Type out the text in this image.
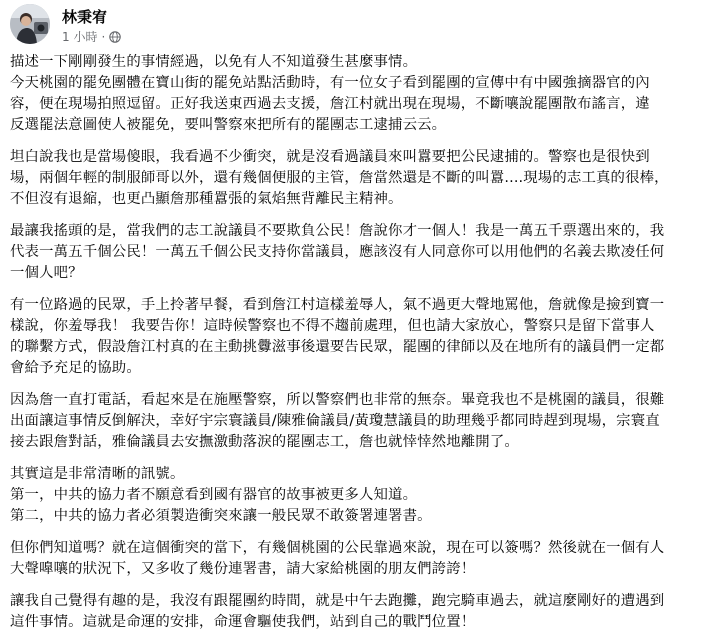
林秉宥
1 小時 ·

描述一下剛剛發生的事情經過，以免有人不知道發生甚麼事情。
今天桃園的罷免團體在寶山街的罷免站點活動時，有一位女子看到罷團的宣傳中有中國強摘器官的內
容，便在現場拍照逗留。正好我送東西過去支援，詹江村就出現在現場，不斷嚷說罷團散布謠言，違
反選罷法意圖使人被罷免，要叫警察來把所有的罷團志工逮捕云云。

坦白說我也是當場傻眼，我看過不少衝突，就是沒看過議員來叫囂要把公民逮捕的。警察也是很快到
場，兩個年輕的制服師哥以外，還有幾個便服的主管，詹當然還是不斷的叫囂....現場的志工真的很棒，
不但沒有退縮，也更凸顯詹那種囂張的氣焰無背離民主精神。

最讓我搖頭的是，當我們的志工說議員不要欺負公民！詹說你才一個人！我是一萬五千票選出來的，我
代表一萬五千個公民！一萬五千個公民支持你當議員，應該沒有人同意你可以用他們的名義去欺凌任何
一個人吧？

有一位路過的民眾，手上拎著早餐，看到詹江村這樣羞辱人，氣不過更大聲地罵他，詹就像是撿到寶一
樣說，你羞辱我！ 我要告你！這時候警察也不得不趨前處理，但也請大家放心，警察只是留下當事人
的聯繫方式，假設詹江村真的在主動挑釁滋事後還要告民眾，罷團的律師以及在地所有的議員們一定都
會給予充足的協助。

因為詹一直打電話，看起來是在施壓警察，所以警察們也非常的無奈。畢竟我也不是桃園的議員，很難
出面讓這事情反倒解決，幸好宇宗寰議員/陳雅倫議員/黃瓊慧議員的助理幾乎都同時趕到現場，宗寰直
接去跟詹對話，雅倫議員去安撫激動落淚的罷團志工，詹也就悻悻然地離開了。

其實這是非常清晰的訊號。
第一，中共的協力者不願意看到國有器官的故事被更多人知道。
第二，中共的協力者必須製造衝突來讓一般民眾不敢簽署連署書。

但你們知道嗎？就在這個衝突的當下，有幾個桃園的公民靠過來說，現在可以簽嗎？然後就在一個有人
大聲嘷嚷的狀況下，又多收了幾份連署書，請大家給桃園的朋友們誇誇！

讓我自己覺得有趣的是，我沒有跟罷團約時間，就是中午去跑攤，跑完騎車過去，就這麼剛好的遭遇到
這件事情。這就是命運的安排，命運會驅使我們，站到自己的戰鬥位置！
